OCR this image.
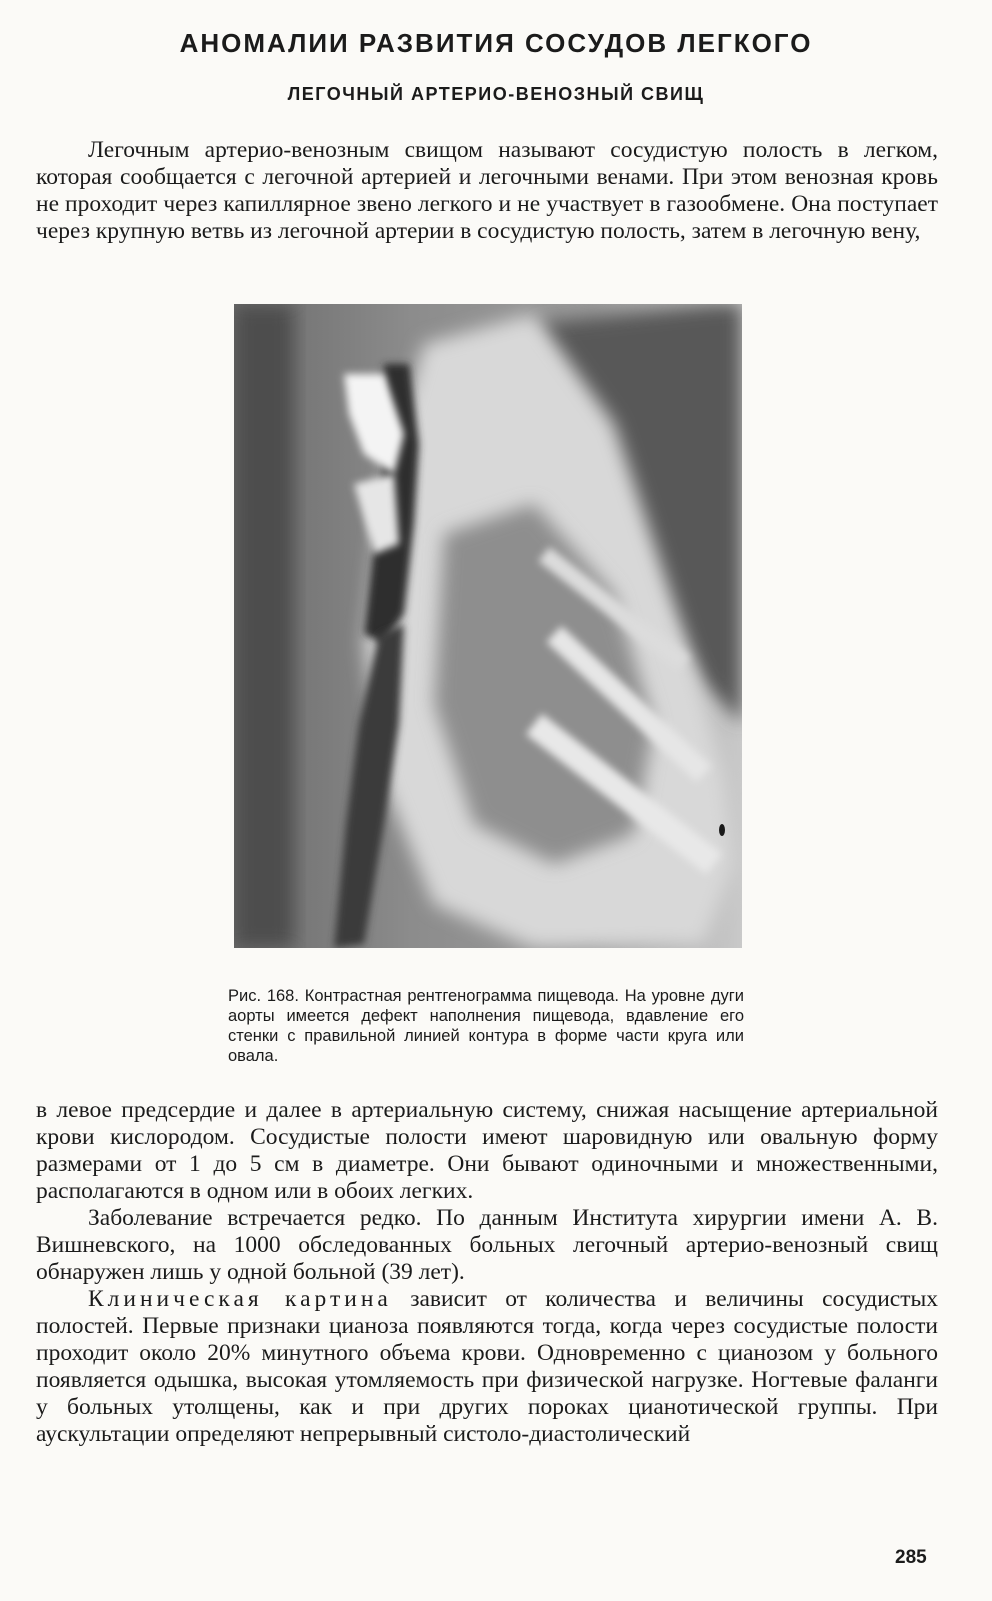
АНОМАЛИИ РАЗВИТИЯ СОСУДОВ ЛЕГКОГО
ЛЕГОЧНЫЙ АРТЕРИО-ВЕНОЗНЫЙ СВИЩ

Легочным артерио-венозным свищом называют сосудистую полость в легком, которая сообщается с легочной артерией и легочными венами. При этом венозная кровь не проходит через капиллярное звено легкого и не участвует в газообмене. Она поступает через крупную ветвь из легочной артерии в сосудистую полость, затем в легочную вену,

Рис. 168. Контрастная рентгенограмма пищевода. На уровне дуги аорты имеется дефект наполнения пищевода, вдавление его стенки с правильной линией контура в форме части круга или овала.

в левое предсердие и далее в артериальную систему, снижая насыщение артериальной крови кислородом. Сосудистые полости имеют шаровидную или овальную форму размерами от 1 до 5 см в диаметре. Они бывают одиночными и множественными, располагаются в одном или в обоих легких.

Заболевание встречается редко. По данным Института хирургии имени А. В. Вишневского, на 1000 обследованных больных легочный артерио-венозный свищ обнаружен лишь у одной больной (39 лет).

Клиническая картина зависит от количества и величины сосудистых полостей. Первые признаки цианоза появляются тогда, когда через сосудистые полости проходит около 20% минутного объема крови. Одновременно с цианозом у больного появляется одышка, высокая утомляемость при физической нагрузке. Ногтевые фаланги у больных утолщены, как и при других пороках цианотической группы. При аускультации определяют непрерывный систоло-диастолический

285
